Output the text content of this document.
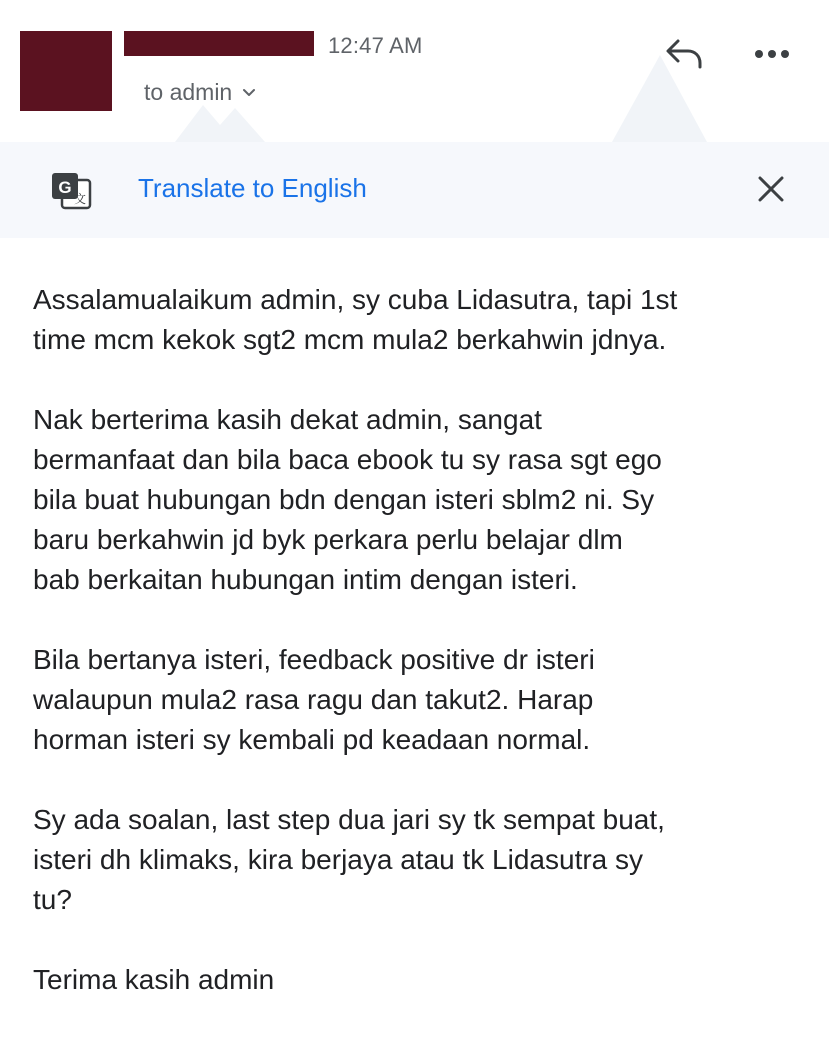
12:47 AM
to admin
G
文 Translate to English

Assalamualaikum admin, sy cuba Lidasutra, tapi 1st
time mcm kekok sgt2 mcm mula2 berkahwin jdnya.

Nak berterima kasih dekat admin, sangat
bermanfaat dan bila baca ebook tu sy rasa sgt ego
bila buat hubungan bdn dengan isteri sblm2 ni. Sy
baru berkahwin jd byk perkara perlu belajar dlm
bab berkaitan hubungan intim dengan isteri.

Bila bertanya isteri, feedback positive dr isteri
walaupun mula2 rasa ragu dan takut2. Harap
horman isteri sy kembali pd keadaan normal.

Sy ada soalan, last step dua jari sy tk sempat buat,
isteri dh klimaks, kira berjaya atau tk Lidasutra sy
tu?

Terima kasih admin
